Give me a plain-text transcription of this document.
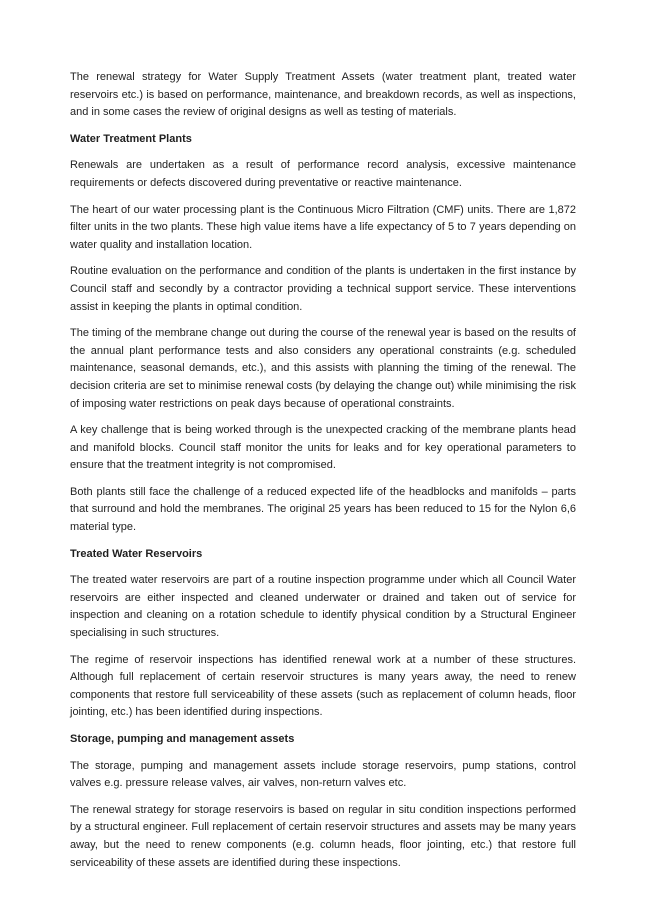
The renewal strategy for Water Supply Treatment Assets (water treatment plant, treated water reservoirs etc.) is based on performance, maintenance, and breakdown records, as well as inspections, and in some cases the review of original designs as well as testing of materials.

Water Treatment Plants

Renewals are undertaken as a result of performance record analysis, excessive maintenance requirements or defects discovered during preventative or reactive maintenance.

The heart of our water processing plant is the Continuous Micro Filtration (CMF) units. There are 1,872 filter units in the two plants. These high value items have a life expectancy of 5 to 7 years depending on water quality and installation location.

Routine evaluation on the performance and condition of the plants is undertaken in the first instance by Council staff and secondly by a contractor providing a technical support service. These interventions assist in keeping the plants in optimal condition.

The timing of the membrane change out during the course of the renewal year is based on the results of the annual plant performance tests and also considers any operational constraints (e.g. scheduled maintenance, seasonal demands, etc.), and this assists with planning the timing of the renewal. The decision criteria are set to minimise renewal costs (by delaying the change out) while minimising the risk of imposing water restrictions on peak days because of operational constraints.

A key challenge that is being worked through is the unexpected cracking of the membrane plants head and manifold blocks. Council staff monitor the units for leaks and for key operational parameters to ensure that the treatment integrity is not compromised.

Both plants still face the challenge of a reduced expected life of the headblocks and manifolds – parts that surround and hold the membranes. The original 25 years has been reduced to 15 for the Nylon 6,6 material type.

Treated Water Reservoirs

The treated water reservoirs are part of a routine inspection programme under which all Council Water reservoirs are either inspected and cleaned underwater or drained and taken out of service for inspection and cleaning on a rotation schedule to identify physical condition by a Structural Engineer specialising in such structures.

The regime of reservoir inspections has identified renewal work at a number of these structures. Although full replacement of certain reservoir structures is many years away, the need to renew components that restore full serviceability of these assets (such as replacement of column heads, floor jointing, etc.) has been identified during inspections.

Storage, pumping and management assets

The storage, pumping and management assets include storage reservoirs, pump stations, control valves e.g. pressure release valves, air valves, non-return valves etc.

The renewal strategy for storage reservoirs is based on regular in situ condition inspections performed by a structural engineer. Full replacement of certain reservoir structures and assets may be many years away, but the need to renew components (e.g. column heads, floor jointing, etc.) that restore full serviceability of these assets are identified during these inspections.
